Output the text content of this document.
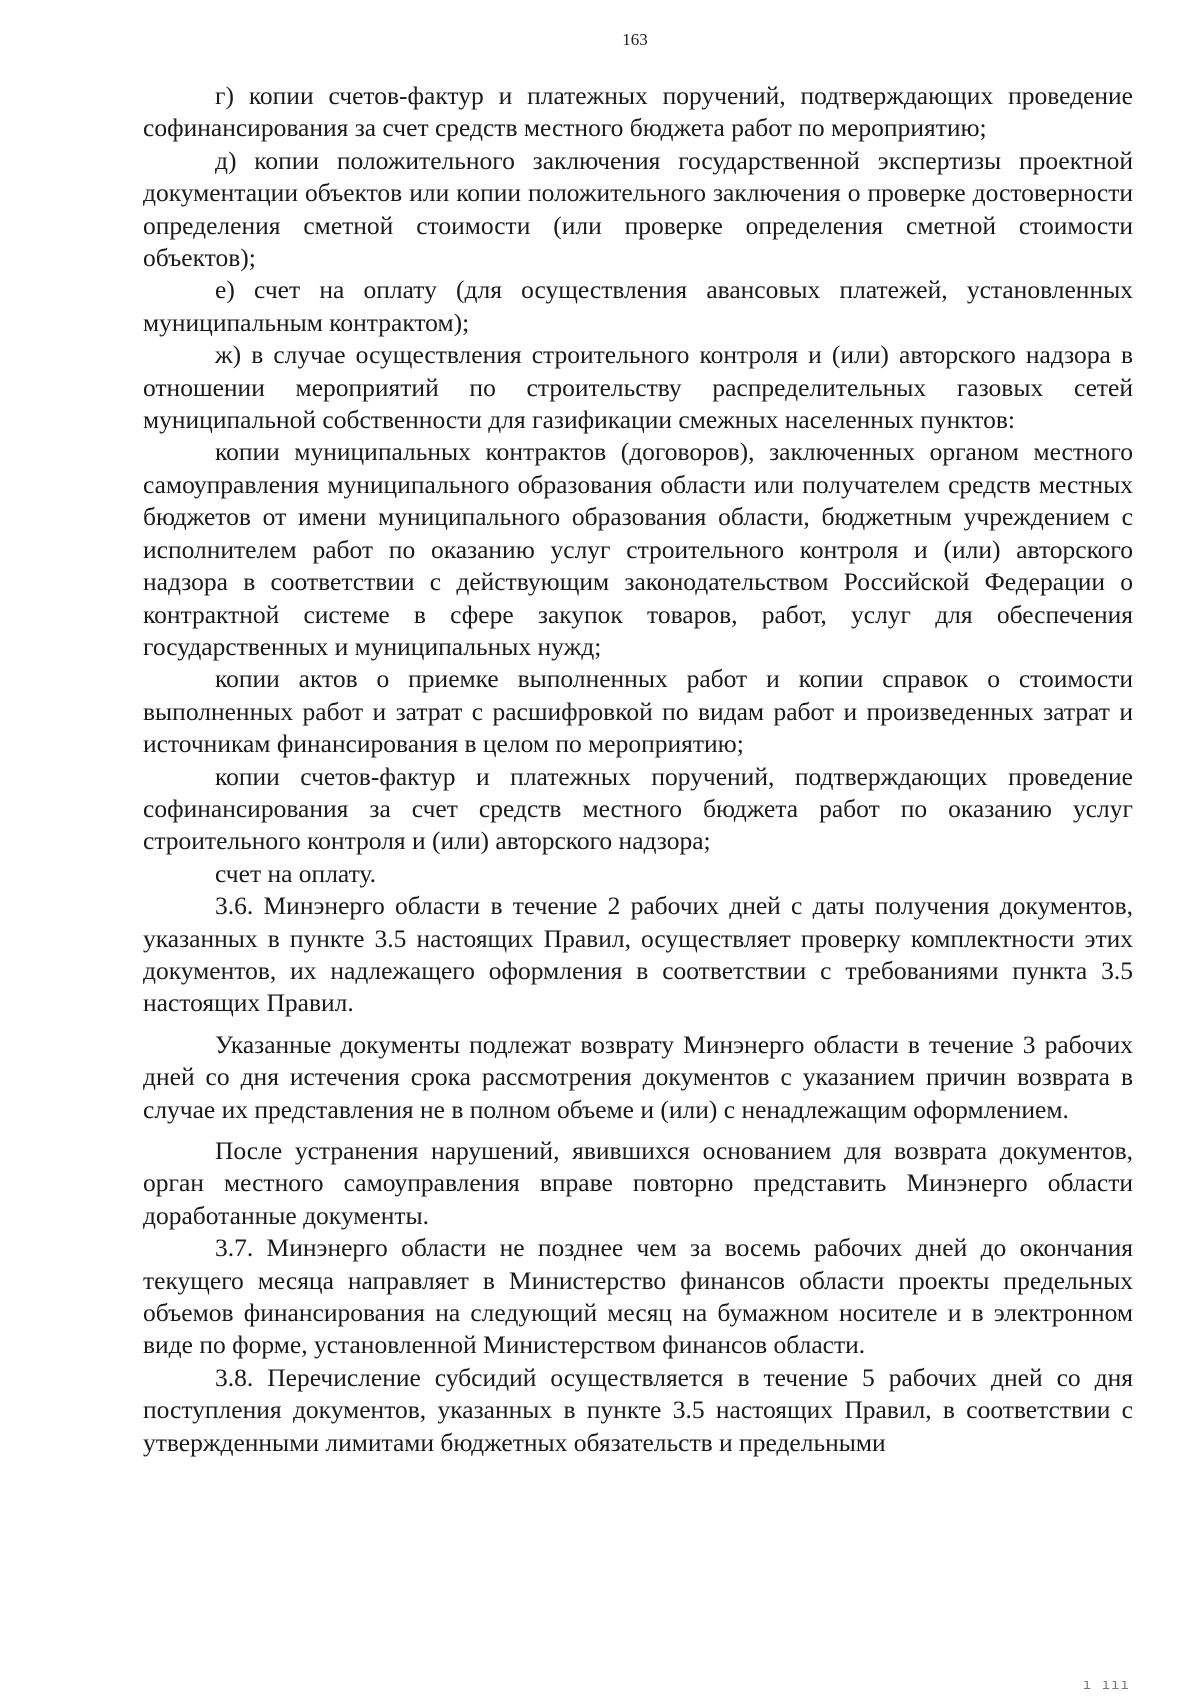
163

г) копии счетов-фактур и платежных поручений, подтверждающих проведение софинансирования за счет средств местного бюджета работ по мероприятию;

д) копии положительного заключения государственной экспертизы проектной документации объектов или копии положительного заключения о проверке достоверности определения сметной стоимости (или проверке определения сметной стоимости объектов);

е) счет на оплату (для осуществления авансовых платежей, установленных муниципальным контрактом);

ж) в случае осуществления строительного контроля и (или) авторского надзора в отношении мероприятий по строительству распределительных газовых сетей муниципальной собственности для газификации смежных населенных пунктов:

копии муниципальных контрактов (договоров), заключенных органом местного самоуправления муниципального образования области или получателем средств местных бюджетов от имени муниципального образования области, бюджетным учреждением с исполнителем работ по оказанию услуг строительного контроля и (или) авторского надзора в соответствии с действующим законодательством Российской Федерации о контрактной системе в сфере закупок товаров, работ, услуг для обеспечения государственных и муниципальных нужд;

копии актов о приемке выполненных работ и копии справок о стоимости выполненных работ и затрат с расшифровкой по видам работ и произведенных затрат и источникам финансирования в целом по мероприятию;

копии счетов-фактур и платежных поручений, подтверждающих проведение софинансирования за счет средств местного бюджета работ по оказанию услуг строительного контроля и (или) авторского надзора;

счет на оплату.

3.6. Минэнерго области в течение 2 рабочих дней с даты получения документов, указанных в пункте 3.5 настоящих Правил, осуществляет проверку комплектности этих документов, их надлежащего оформления в соответствии с требованиями пункта 3.5 настоящих Правил.

Указанные документы подлежат возврату Минэнерго области в течение 3 рабочих дней со дня истечения срока рассмотрения документов с указанием причин возврата в случае их представления не в полном объеме и (или) с ненадлежащим оформлением.

После устранения нарушений, явившихся основанием для возврата документов, орган местного самоуправления вправе повторно представить Минэнерго области доработанные документы.

3.7. Минэнерго области не позднее чем за восемь рабочих дней до окончания текущего месяца направляет в Министерство финансов области проекты предельных объемов финансирования на следующий месяц на бумажном носителе и в электронном виде по форме, установленной Министерством финансов области.

3.8. Перечисление субсидий осуществляется в течение 5 рабочих дней со дня поступления документов, указанных в пункте 3.5 настоящих Правил, в соответствии с утвержденными лимитами бюджетных обязательств и предельными

ı ııı
